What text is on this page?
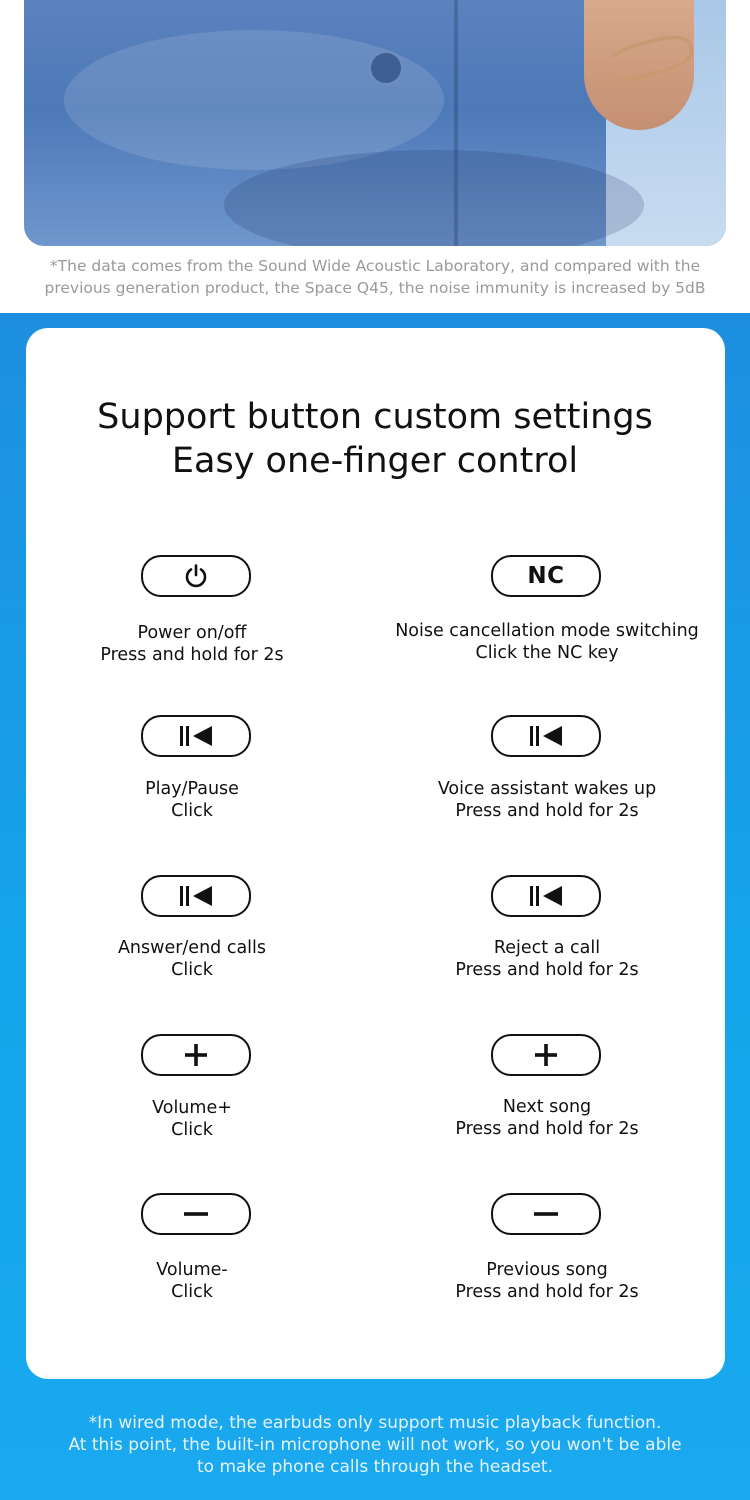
*The data comes from the Sound Wide Acoustic Laboratory, and compared with the
previous generation product, the Space Q45, the noise immunity is increased by 5dB
Support button custom settings
Easy one-finger control
Power on/off
Press and hold for 2s
NC
Noise cancellation mode switching
Click the NC key
Play/Pause
Click
Voice assistant wakes up
Press and hold for 2s
Answer/end calls
Click
Reject a call
Press and hold for 2s
Volume+
Click
Next song
Press and hold for 2s
Volume-
Click
Previous song
Press and hold for 2s
*In wired mode, the earbuds only support music playback function.
At this point, the built-in microphone will not work, so you won't be able
to make phone calls through the headset.
